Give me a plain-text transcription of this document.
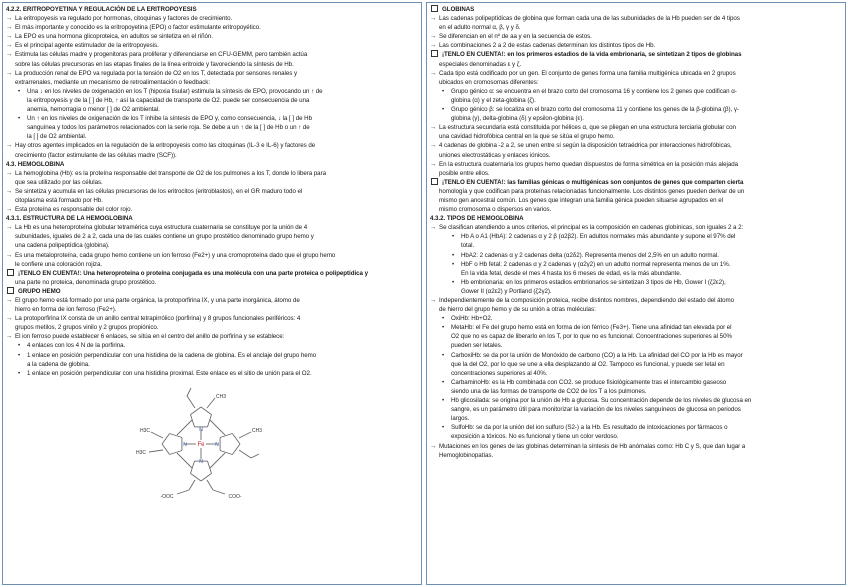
4.2.2. ERITROPOYETINA Y REGULACIÓN DE LA ERITROPOYESIS
→ La eritropoyesis va regulado por hormonas, citoquinas y factores de crecimiento.
→ El más importante y conocido es la eritropoyetina (EPO) o factor estimulante eritropoyético.
→ La EPO es una hormona glicoproteica, en adultos se sintetiza en el riñón.
→ Es el principal agente estimulador de la eritropoyesis.
→ Estimula las células madre y progenitoras para proliferar y diferenciarse en CFU-GEMM, pero también actúa
sobre las células precursoras en las etapas finales de la línea eritroide y favoreciendo la síntesis de Hb.
→ La producción renal de EPO va regulada por la tensión de O2 en los T, detectada por sensores renales y
extrarrenales, mediante un mecanismo de retroalimentación o feedback:
• Una ↓ en los niveles de oxigenación en los T (hipoxia tisular) estimula la síntesis de EPO, provocando un ↑ de
la eritropoyesis y de la [ ] de Hb, ↑ así la capacidad de transporte de O2. puede ser consecuencia de una
anemia, hemorragia o menor [ ] de O2 ambiental.
• Un ↑ en los niveles de oxigenación de los T inhibe la síntesis de EPO y, como consecuencia, ↓ la [ ] de Hb
sanguínea y todos los parámetros relacionados con la serie roja. Se debe a un ↑ de la [ ] de Hb o un ↑ de
la [ ] de O2 ambiental.
→ Hay otros agentes implicados en la regulación de la eritropoyesis como las citoquinas (IL-3 e IL-6) y factores de
crecimiento (factor estimulante de las células madre (SCF)).
4.3. HEMOGLOBINA
→ La hemoglobina (Hb): es la proteína responsable del transporte de O2 de los pulmones a los T, donde lo libera para
que sea utilizado por las células.
→ Se sintetiza y acumula en las células precursoras de los eritrocitos (eritroblastos), en el GR maduro todo el
citoplasma está formado por Hb.
→ Esta proteína es responsable del color rojo.
4.3.1. ESTRUCTURA DE LA HEMOGLOBINA
→ La Hb es una heteroproteína globular tetramérica cuya estructura cuaternaria se constituye por la unión de 4
subunidades, iguales de 2 a 2, cada una de las cuales contiene un grupo prostético denominado grupo hemo y
una cadena polipeptídica (globina).
→ Es una metaloproteína, cada grupo hemo contiene un ion ferroso (Fe2+) y una cromoproteína dado que el grupo hemo
le confiere una coloración rojiza.
¡TENLO EN CUENTA!: Una heteroproteína o proteína conjugada es una molécula con una parte proteica o polipeptídica y
una parte no proteica, denominada grupo prostético.
GRUPO HEMO
→ El grupo hemo está formado por una parte orgánica, la protoporfirina IX, y una parte inorgánica, átomo de
hierro en forma de ion ferroso (Fe2+).
→ La protoporfirina IX consta de un anillo central tetrapirrólico (porfirina) y 8 grupos funcionales periféricos: 4
grupos metilos, 2 grupos vinilo y 2 grupos propiónico.
→ El ion ferroso puede establecer 6 enlaces, se sitúa en el centro del anillo de porfirina y se establece:
• 4 enlaces con los 4 N de la porfirina.
• 1 enlace en posición perpendicular con una histidina de la cadena de globina. Es el anclaje del grupo hemo
a la cadena de globina.
• 1 enlace en posición perpendicular con una histidina proximal. Este enlace es el sitio de unión para el O2.
Fe
N
N
N
N
CH3
CH3
H3C
H3C
-OOC	COO-
GLOBINAS
→ Las cadenas polipeptídicas de globina que forman cada una de las subunidades de la Hb pueden ser de 4 tipos
en el adulto normal α, β, γ y δ.
→ Se diferencian en el nº de aa y en la secuencia de estos.
→ Las combinaciones 2 a 2 de estas cadenas determinan los distintos tipos de Hb.
¡TENLO EN CUENTA!: en los primeros estadios de la vida embrionaria, se sintetizan 2 tipos de globinas
especiales denominadas ε y ζ.
→ Cada tipo está codificado por un gen. El conjunto de genes forma una familia multigénica ubicada en 2 grupos
ubicados en cromosomas diferentes:
• Grupo génico α: se encuentra en el brazo corto del cromosoma 16 y contiene los 2 genes que codifican α-
globina (α) y el zeta-globina (ζ).
• Grupo génico β: se localiza en el brazo corto del cromosoma 11 y contiene los genes de la β-globina (β), γ-
globina (γ), delta-globina (δ) y epsilon-globina (ε).
→ La estructura secundaria está constituida por hélices α, que se pliegan en una estructura terciaria globular con
una cavidad hidrofóbica central en la que se sitúa el grupo hemo.
→ 4 cadenas de globina -2 a 2, se unen entre sí según la disposición tetraédrica por interacciones hidrofóbicas,
uniones electrostáticas y enlaces iónicos.
→ En la estructura cuaternaria los grupos hemo quedan dispuestos de forma simétrica en la posición más alejada
posible entre ellos.
¡TENLO EN CUENTA!: las familias génicas o multigénicas son conjuntos de genes que comparten cierta
homología y que codifican para proteínas relacionadas funcionalmente. Los distintos genes pueden derivar de un
mismo gen ancestral común. Los genes que integran una familia génica pueden situarse agrupados en el
mismo cromosoma o dispersos en varios.
4.3.2. TIPOS DE HEMOGLOBINA
→ Se clasifican atendiendo a unos criterios, el principal es la composición en cadenas globínicas, son iguales 2 a 2:
• Hb A o A1 (HbA): 2 cadenas α y 2 β (α2β2). En adultos normales más abundante y supone el 97% del
total.
• HbA2: 2 cadenas α y 2 cadenas delta (α2δ2). Representa menos del 2,5% en un adulto normal.
• HbF o Hb fetal: 2 cadenas α y 2 cadenas γ (α2γ2) en un adulto normal representa menos de un 1%.
En la vida fetal, desde el mes 4 hasta los 6 meses de edad, es la más abundante.
• Hb embrionaria: en los primeros estadios embrionarios se sintetizan 3 tipos de Hb, Gower I (ζ2ε2),
Gower II (α2ε2) y Portland (ζ2γ2).
→ Independientemente de la composición proteica, recibe distintos nombres, dependiendo del estado del átomo
de hierro del grupo hemo y de su unión a otras moléculas:
• OxiHb: Hb+O2.
• MetaHb: el Fe del grupo hemo está en forma de ion férrico (Fe3+). Tiene una afinidad tan elevada por el
O2 que no es capaz de liberarlo en los T, por lo que no es funcional. Concentraciones superiores al 50%
pueden ser letales.
• CarboxiHb: se da por la unión de Monóxido de carbono (CO) a la Hb. La afinidad del CO por la Hb es mayor
que la del O2, por lo que se une a ella desplazando al O2. Tampoco es funcional, y puede ser letal en
concentraciones superiores al 40%.
• CarbaminoHb: es la Hb combinada con CO2. se produce fisiológicamente tras el intercambio gaseoso
siendo una de las formas de transporte de CO2 de los T a los pulmones.
• Hb glicosilada: se origina por la unión de Hb a glucosa. Su concentración depende de los niveles de glucosa en
sangre, es un parámetro útil para monitorizar la variación de los niveles sanguíneos de glucosa en periodos
largos.
• SulfoHb: se da por la unión del ion sulfuro (S2-) a la Hb. Es resultado de intoxicaciones por fármacos o
exposición a tóxicos. No es funcional y tiene un color verdoso.
→ Mutaciones en los genes de las globinas determinan la síntesis de Hb anómalas como: Hb C y S, que dan lugar a
Hemoglobinopatías.
